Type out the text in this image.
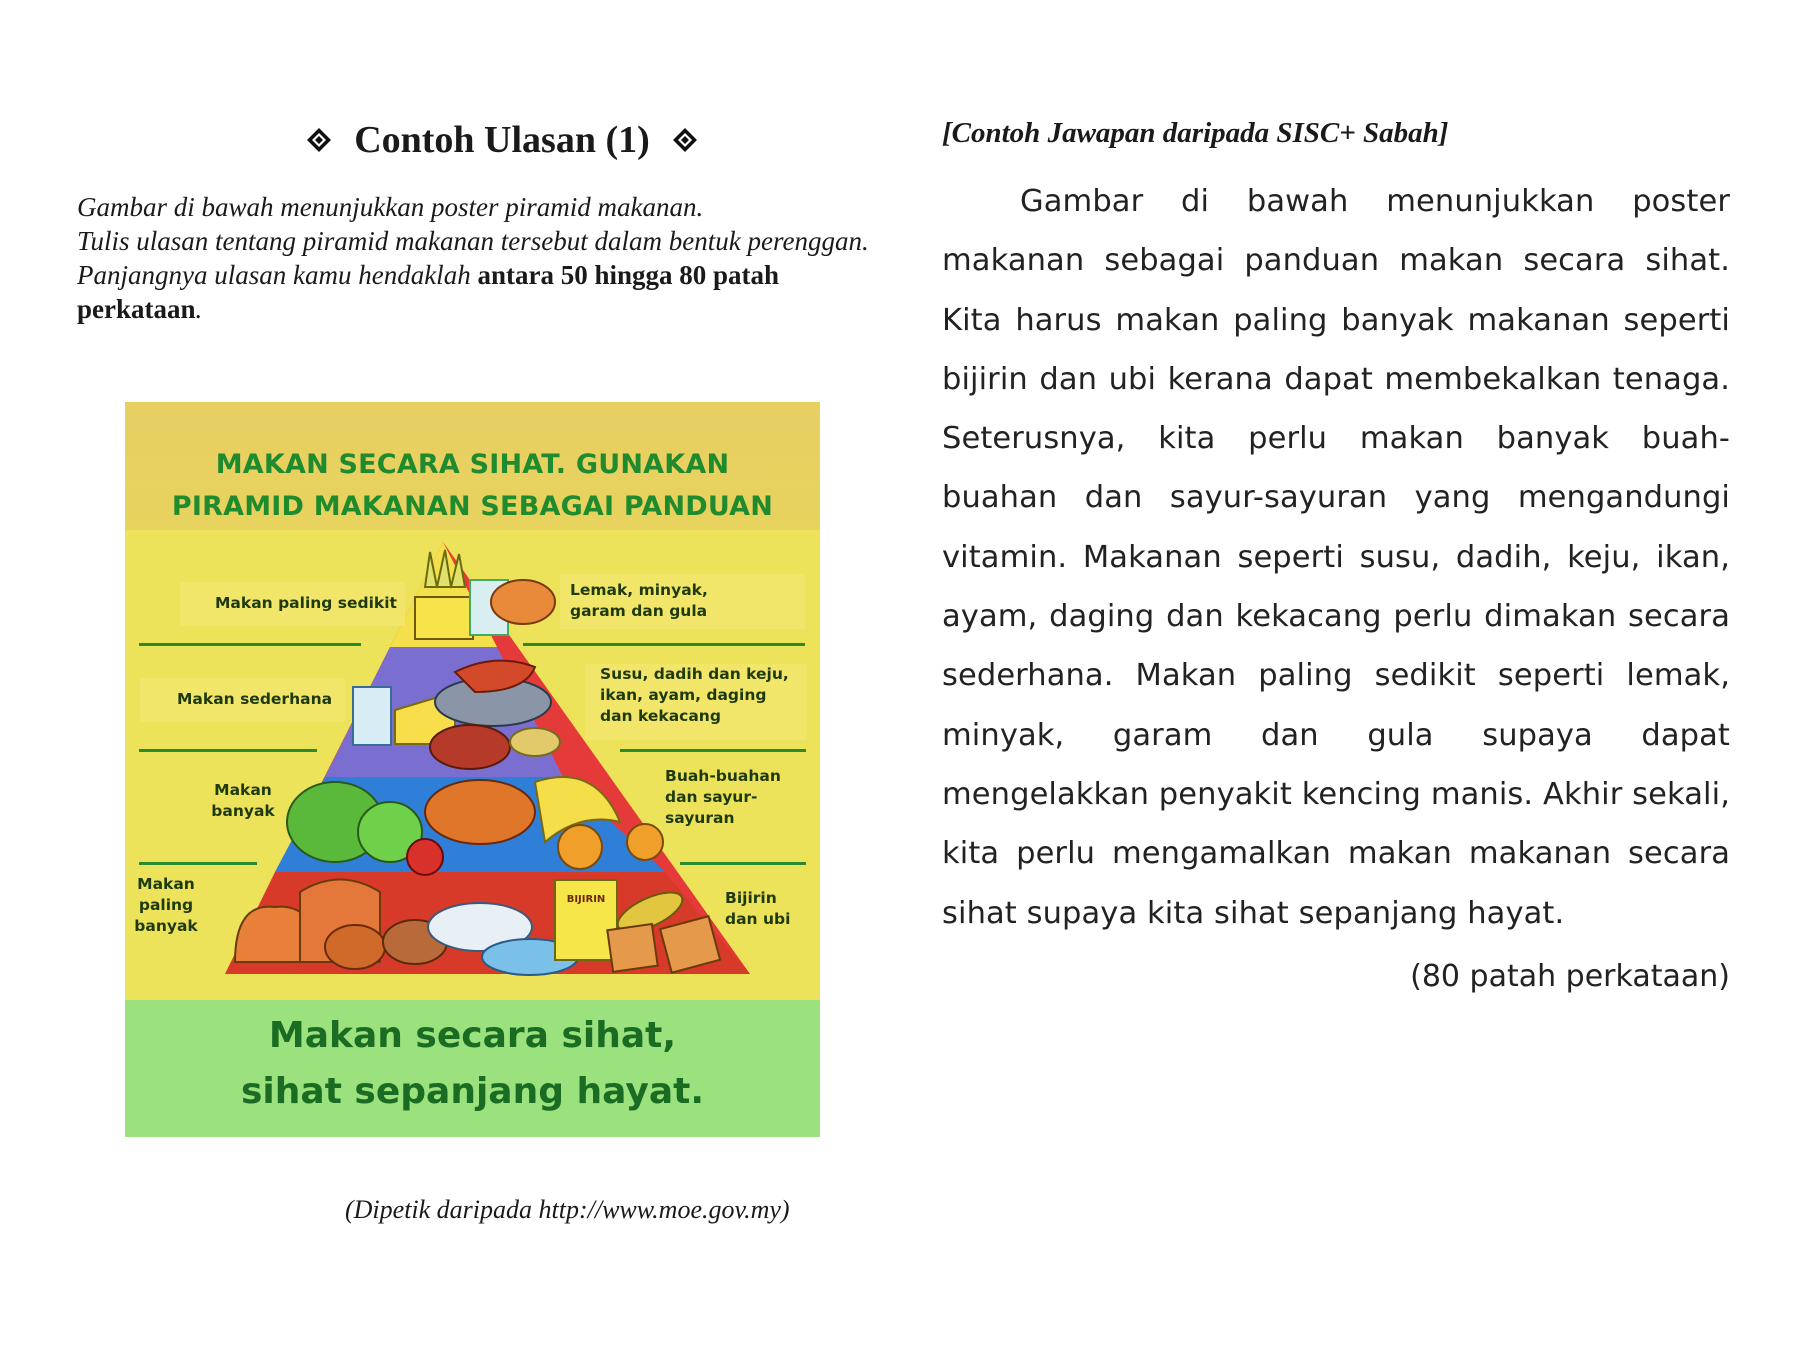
Contoh Ulasan (1)

Gambar di bawah menunjukkan poster piramid makanan.

Tulis ulasan tentang piramid makanan tersebut dalam bentuk perenggan.

Panjangnya ulasan kamu hendaklah antara 50 hingga 80 patah perkataan.

MAKAN SECARA SIHAT. GUNAKAN
PIRAMID MAKANAN SEBAGAI PANDUAN
BIJIRIN
Makan paling sedikit
Lemak, minyak, garam dan gula
Makan sederhana
Susu, dadih dan keju, ikan, ayam, daging dan kekacang
Makan banyak
Buah-buahan dan sayur-sayuran
Makan paling banyak
Bijirin dan ubi
Makan secara sihat,
sihat sepanjang hayat.
(Dipetik daripada http://www.moe.gov.my)
[Contoh Jawapan daripada SISC+ Sabah]
Gambar di bawah menunjukkan poster makanan sebagai panduan makan secara sihat. Kita harus makan paling banyak makanan seperti bijirin dan ubi kerana dapat membekalkan tenaga. Seterusnya, kita perlu makan banyak buah-buahan dan sayur-sayuran yang mengandungi vitamin. Makanan seperti susu, dadih, keju, ikan, ayam, daging dan kekacang perlu dimakan secara sederhana. Makan paling sedikit seperti lemak, minyak, garam dan gula supaya dapat mengelakkan penyakit kencing manis. Akhir sekali, kita perlu mengamalkan makan makanan secara sihat supaya kita sihat sepanjang hayat.
(80 patah perkataan)
